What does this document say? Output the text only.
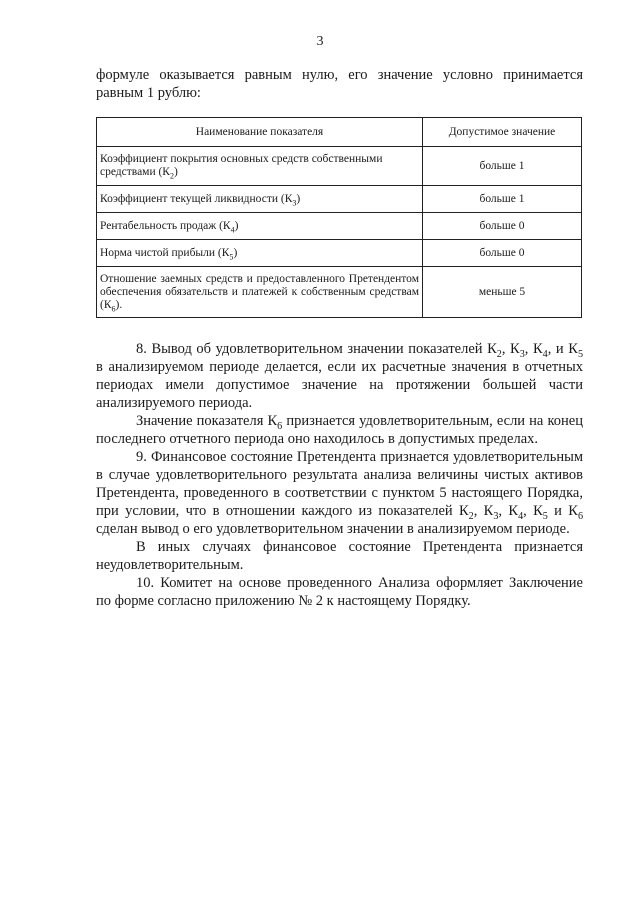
3

формуле оказывается равным нулю, его значение условно принимается равным 1 рублю:

Наименование показателя	Допустимое значение
Коэффициент покрытия основных средств собственными средствами $(К_2)$	больше 1
Коэффициент текущей ликвидности $(К_3)$	больше 1
Рентабельность продаж $(К_4)$	больше 0
Норма чистой прибыли $(К_5)$	больше 0
Отношение заемных средств и предоставленного Претендентом обеспечения обязательств и платежей к собственным средствам $(К_6)$.	меньше 5

8. Вывод об удовлетворительном значении показателей $К_2$, $К_3$, $К_4$, и $К_5$ в анализируемом периоде делается, если их расчетные значения в отчетных периодах имели допустимое значение на протяжении большей части анализируемого периода.

Значение показателя $К_6$ признается удовлетворительным, если на конец последнего отчетного периода оно находилось в допустимых пределах.

9. Финансовое состояние Претендента признается удовлетворительным в случае удовлетворительного результата анализа величины чистых активов Претендента, проведенного в соответствии с пунктом 5 настоящего Порядка, при условии, что в отношении каждого из показателей $К_2$, $К_3$, $К_4$, $К_5$ и $К_6$ сделан вывод о его удовлетворительном значении в анализируемом периоде.

В иных случаях финансовое состояние Претендента признается неудовлетворительным.

10. Комитет на основе проведенного Анализа оформляет Заключение по форме согласно приложению № 2 к настоящему Порядку.
